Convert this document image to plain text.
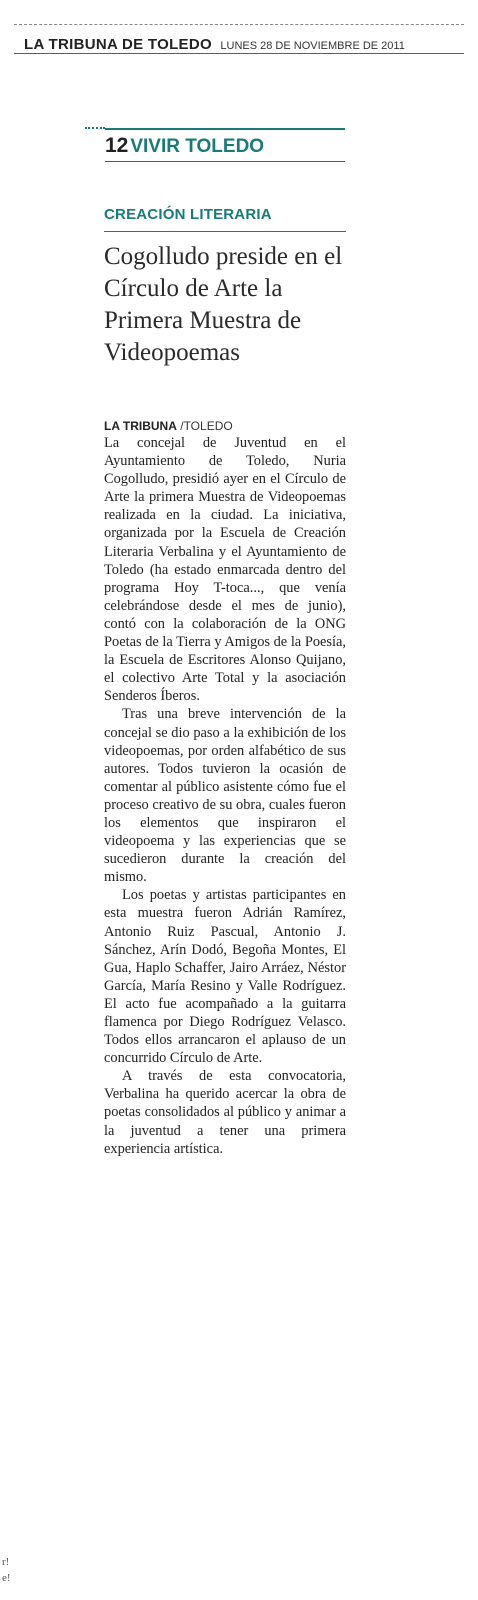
LA TRIBUNA DE TOLEDO LUNES 28 DE NOVIEMBRE DE 2011
12 VIVIR TOLEDO
CREACIÓN LITERARIA
Cogolludo preside en el Círculo de Arte la Primera Muestra de Videopoemas
LA TRIBUNA /TOLEDO

La concejal de Juventud en el Ayuntamiento de Toledo, Nuria Cogolludo, presidió ayer en el Círculo de Arte la primera Muestra de Videopoemas realizada en la ciudad. La iniciativa, organizada por la Escuela de Creación Literaria Verbalina y el Ayuntamiento de Toledo (ha estado enmarcada dentro del programa Hoy T-toca..., que venía celebrándose desde el mes de junio), contó con la colaboración de la ONG Poetas de la Tierra y Amigos de la Poesía, la Escuela de Escritores Alonso Quijano, el colectivo Arte Total y la asociación Senderos Íberos.

Tras una breve intervención de la concejal se dio paso a la exhibición de los videopoemas, por orden alfabético de sus autores. Todos tuvieron la ocasión de comentar al público asistente cómo fue el proceso creativo de su obra, cuales fueron los elementos que inspiraron el videopoema y las experiencias que se sucedieron durante la creación del mismo.

Los poetas y artistas participantes en esta muestra fueron Adrián Ramírez, Antonio Ruiz Pascual, Antonio J. Sánchez, Arín Dodó, Begoña Montes, El Gua, Haplo Schaffer, Jairo Arráez, Néstor García, María Resino y Valle Rodríguez. El acto fue acompañado a la guitarra flamenca por Diego Rodríguez Velasco. Todos ellos arrancaron el aplauso de un concurrido Círculo de Arte.

A través de esta convocatoria, Verbalina ha querido acercar la obra de poetas consolidados al público y animar a la juventud a tener una primera experiencia artística.

r!
e!
